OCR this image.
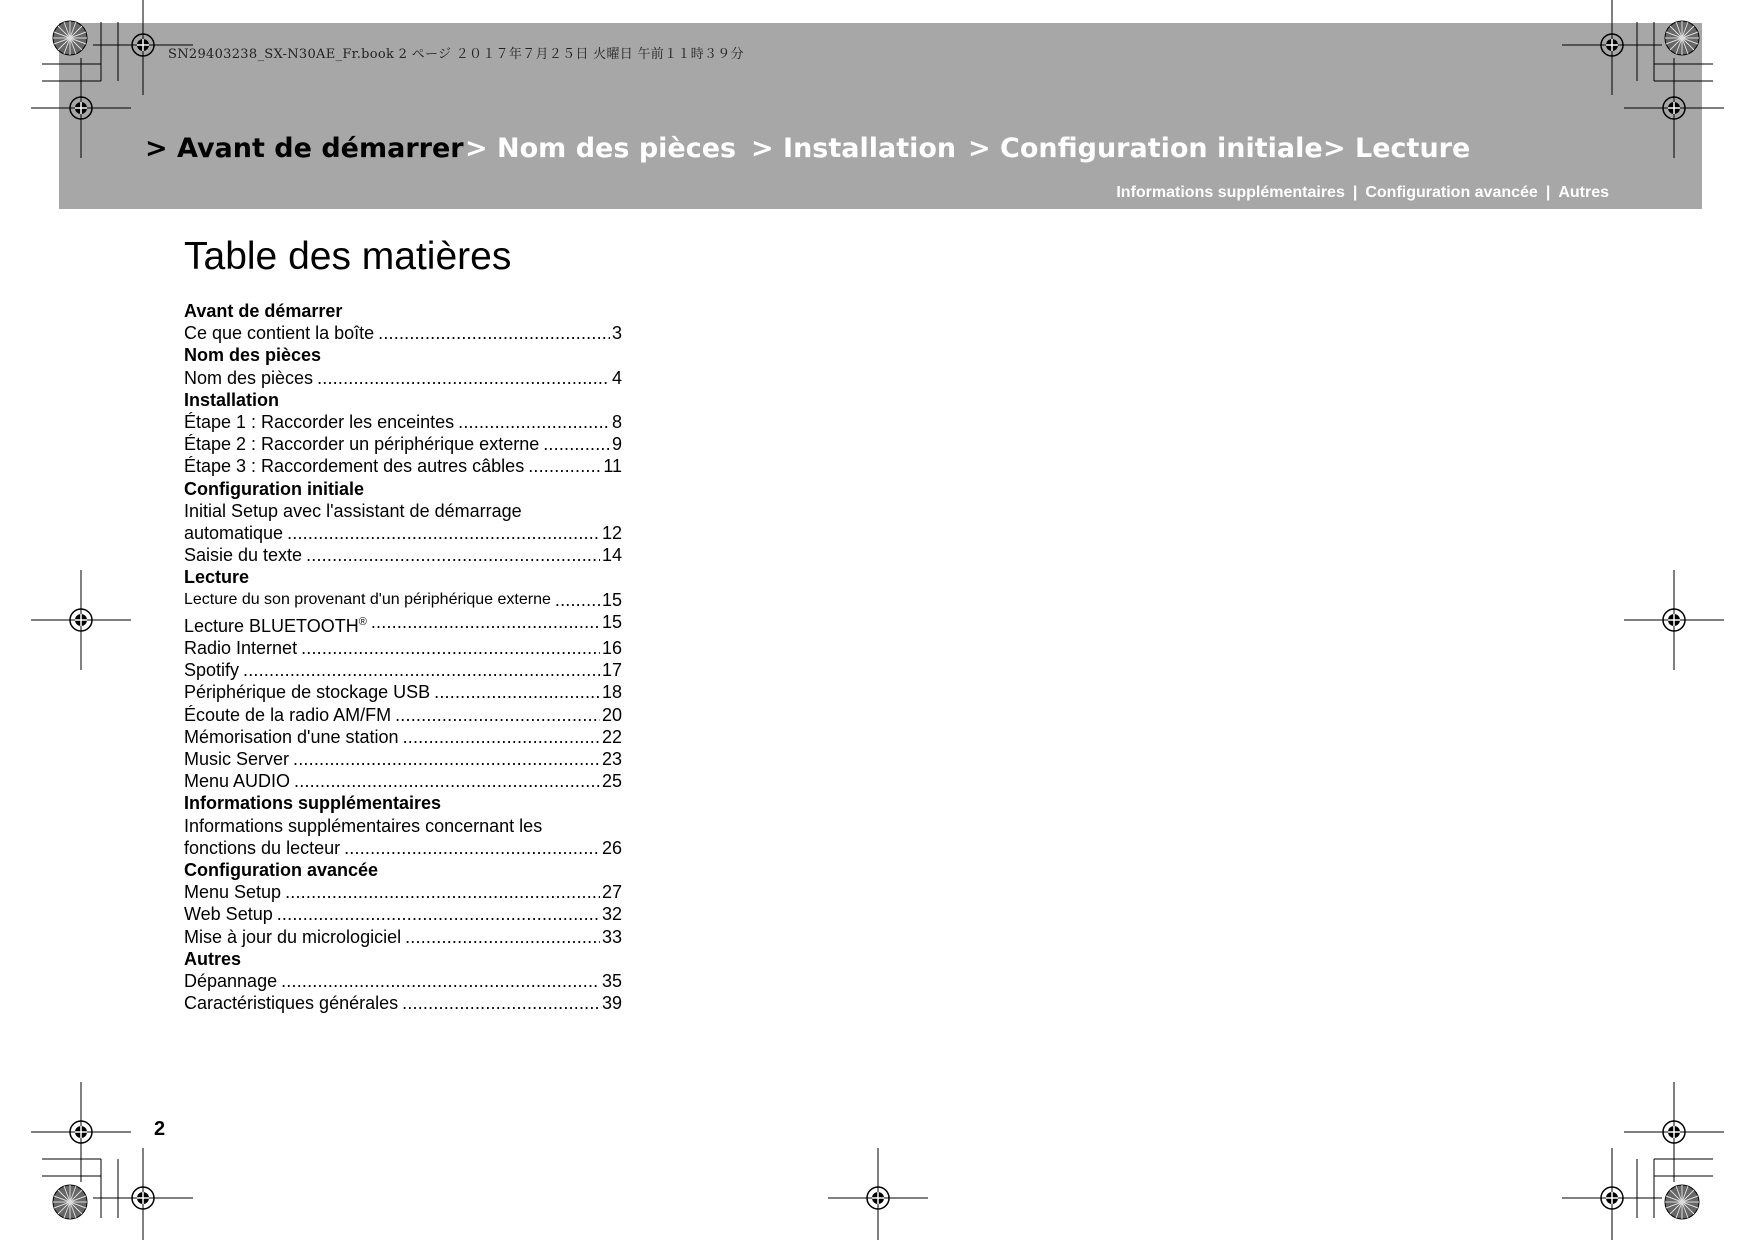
SN29403238_SX-N30AE_Fr.book 2 ページ ２０１７年７月２５日 火曜日 午前１１時３９分
> Avant de démarrer > Nom des pièces > Installation > Configuration initiale > Lecture
Informations supplémentaires | Configuration avancée | Autres
Table des matières
Avant de démarrer
Ce que contient la boîte .....	3
Nom des pièces
Nom des pièces .....	4
Installation
Étape 1 : Raccorder les enceintes .....	8
Étape 2 : Raccorder un périphérique externe .....	9
Étape 3 : Raccordement des autres câbles .....	11
Configuration initiale
Initial Setup avec l'assistant de démarrage
automatique .....	12
Saisie du texte .....	14
Lecture
Lecture du son provenant d'un périphérique externe .....	15
Lecture BLUETOOTH® .....	15
Radio Internet .....	16
Spotify .....	17
Périphérique de stockage USB .....	18
Écoute de la radio AM/FM .....	20
Mémorisation d'une station .....	22
Music Server .....	23
Menu AUDIO .....	25
Informations supplémentaires
Informations supplémentaires concernant les
fonctions du lecteur .....	26
Configuration avancée
Menu Setup .....	27
Web Setup .....	32
Mise à jour du micrologiciel .....	33
Autres
Dépannage .....	35
Caractéristiques générales .....	39
2
